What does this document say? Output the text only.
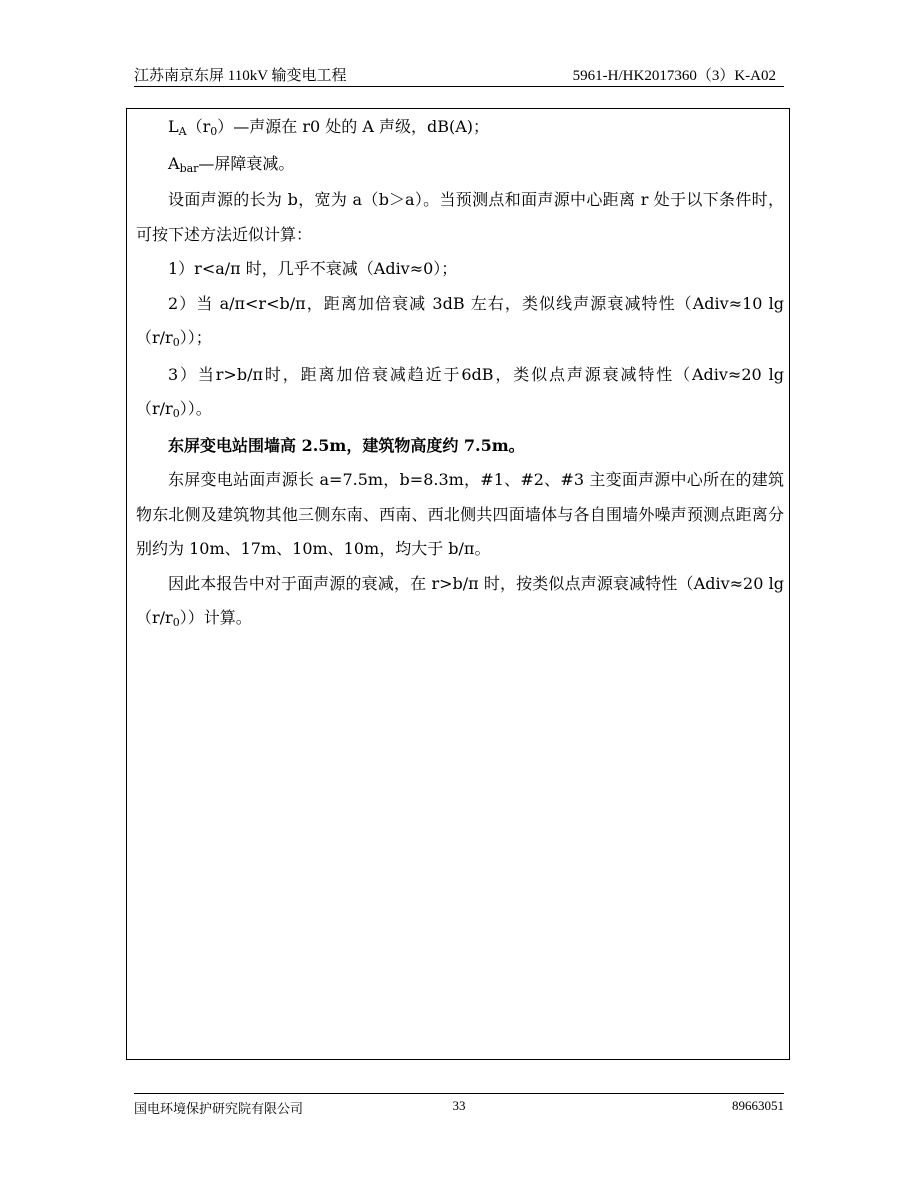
江苏南京东屏 110kV 输变电工程	5961-H/HK2017360（3）K-A02

$L_A(r_0)—$声源在 r0 处的 A 声级，dB(A)；

$A_{bar}—$屏障衰减。

设面声源的长为 b，宽为 a（b＞a）。当预测点和面声源中心距离 r 处于以下条件时，可按下述方法近似计算：

1）r<a/π 时，几乎不衰减（Adiv≈0）；

2）当 a/π<r<b/π，距离加倍衰减 3dB 左右，类似线声源衰减特性（Adiv≈10 $\lg(r/r_0)$）；

3）当r>b/π时，距离加倍衰减趋近于6dB，类似点声源衰减特性（Adiv≈20 $\lg(r/r_0)$）。

东屏变电站围墙高 2.5m，建筑物高度约 7.5m。

东屏变电站面声源长 a=7.5m，b=8.3m，#1、#2、#3 主变面声源中心所在的建筑物东北侧及建筑物其他三侧东南、西南、西北侧共四面墙体与各自围墙外噪声预测点距离分别约为 10m、17m、10m、10m，均大于 b/π。

因此本报告中对于面声源的衰减，在 r>b/π 时，按类似点声源衰减特性（Adiv≈20 $\lg(r/r_0)$）计算。

国电环境保护研究院有限公司	33	89663051
